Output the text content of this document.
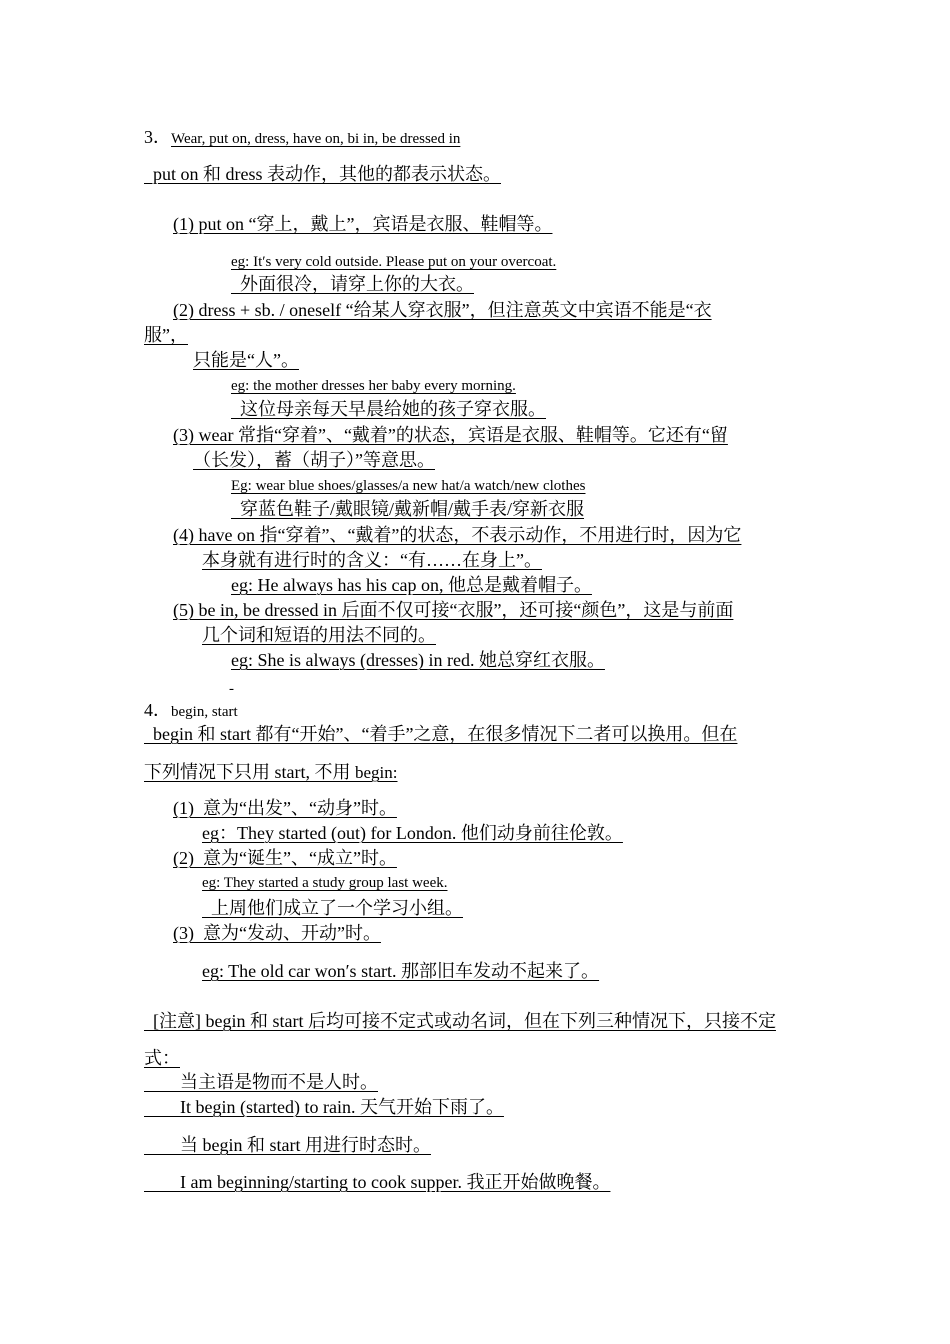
3．Wear, put on, dress, have on, bi in, be dressed in
put on 和 dress 表动作，其他的都表示状态。
(1) put on “穿上，戴上”，宾语是衣服、鞋帽等。
eg: It′s very cold outside. Please put on your overcoat.
外面很冷，请穿上你的大衣。
(2) dress + sb. / oneself “给某人穿衣服”，但注意英文中宾语不能是“衣
服”，
只能是“人”。
eg: the mother dresses her baby every morning.
这位母亲每天早晨给她的孩子穿衣服。
(3) wear 常指“穿着”、“戴着”的状态，宾语是衣服、鞋帽等。它还有“留
（长发），蓄（胡子）”等意思。
Eg: wear blue shoes/glasses/a new hat/a watch/new clothes
穿蓝色鞋子/戴眼镜/戴新帽/戴手表/穿新衣服
(4) have on 指“穿着”、“戴着”的状态，不表示动作，不用进行时，因为它
本身就有进行时的含义：“有……在身上”。
eg: He always has his cap on, 他总是戴着帽子。
(5) be in, be dressed in 后面不仅可接“衣服”，还可接“颜色”，这是与前面
几个词和短语的用法不同的。
eg: She is always (dresses) in red. 她总穿红衣服。
-
4．begin, start
begin 和 start 都有“开始”、“着手”之意，在很多情况下二者可以换用。但在
下列情况下只用 start, 不用 begin:
(1)  意为“出发”、“动身”时。
eg：They started (out) for London. 他们动身前往伦敦。
(2)  意为“诞生”、“成立”时。
eg: They started a study group last week.
上周他们成立了一个学习小组。
(3)  意为“发动、开动”时。
eg: The old car won′s start. 那部旧车发动不起来了。
[注意] begin 和 start 后均可接不定式或动名词，但在下列三种情况下，只接不定
式：
当主语是物而不是人时。
It begin (started) to rain. 天气开始下雨了。
当 begin 和 start 用进行时态时。
I am beginning/starting to cook supper. 我正开始做晚餐。
